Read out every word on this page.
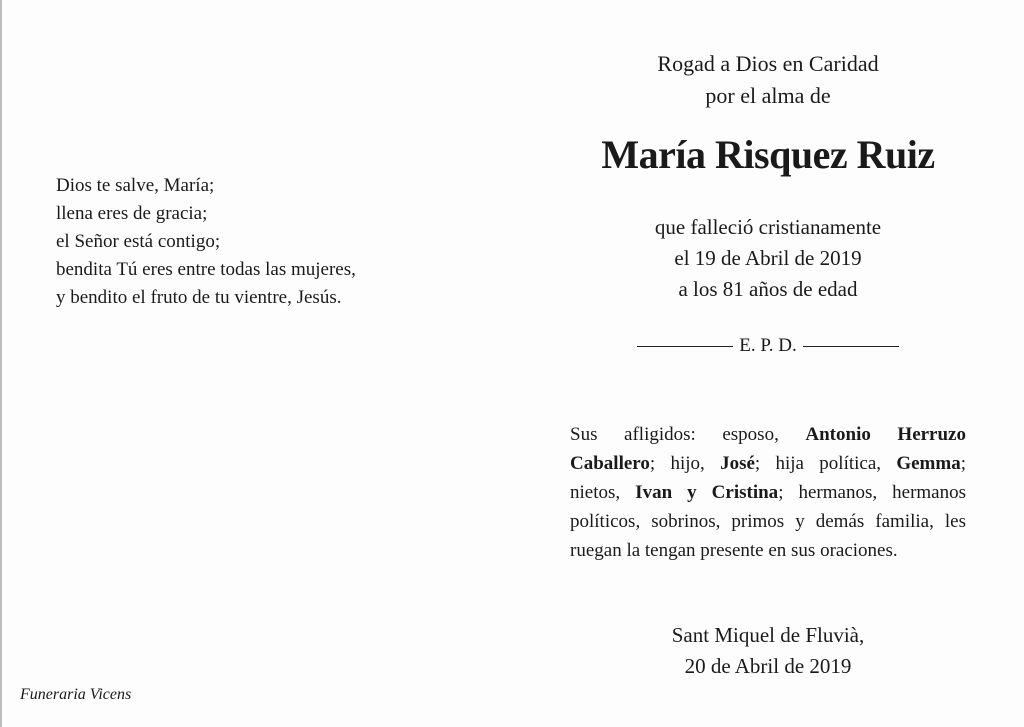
Dios te salve, María;
llena eres de gracia;
el Señor está contigo;
bendita Tú eres entre todas las mujeres,
y bendito el fruto de tu vientre, Jesús.
Rogad a Dios en Caridad
por el alma de
María Risquez Ruiz
que falleció cristianamente
el 19 de Abril de 2019
a los 81 años de edad
E. P. D.
Sus afligidos: esposo, Antonio Herruzo Caballero; hijo, José; hija política, Gemma; nietos, Ivan y Cristina; hermanos, hermanos políticos, sobrinos, primos y demás familia, les ruegan la tengan presente en sus oraciones.
Sant Miquel de Fluvià,
20 de Abril de 2019
Funeraria Vicens
